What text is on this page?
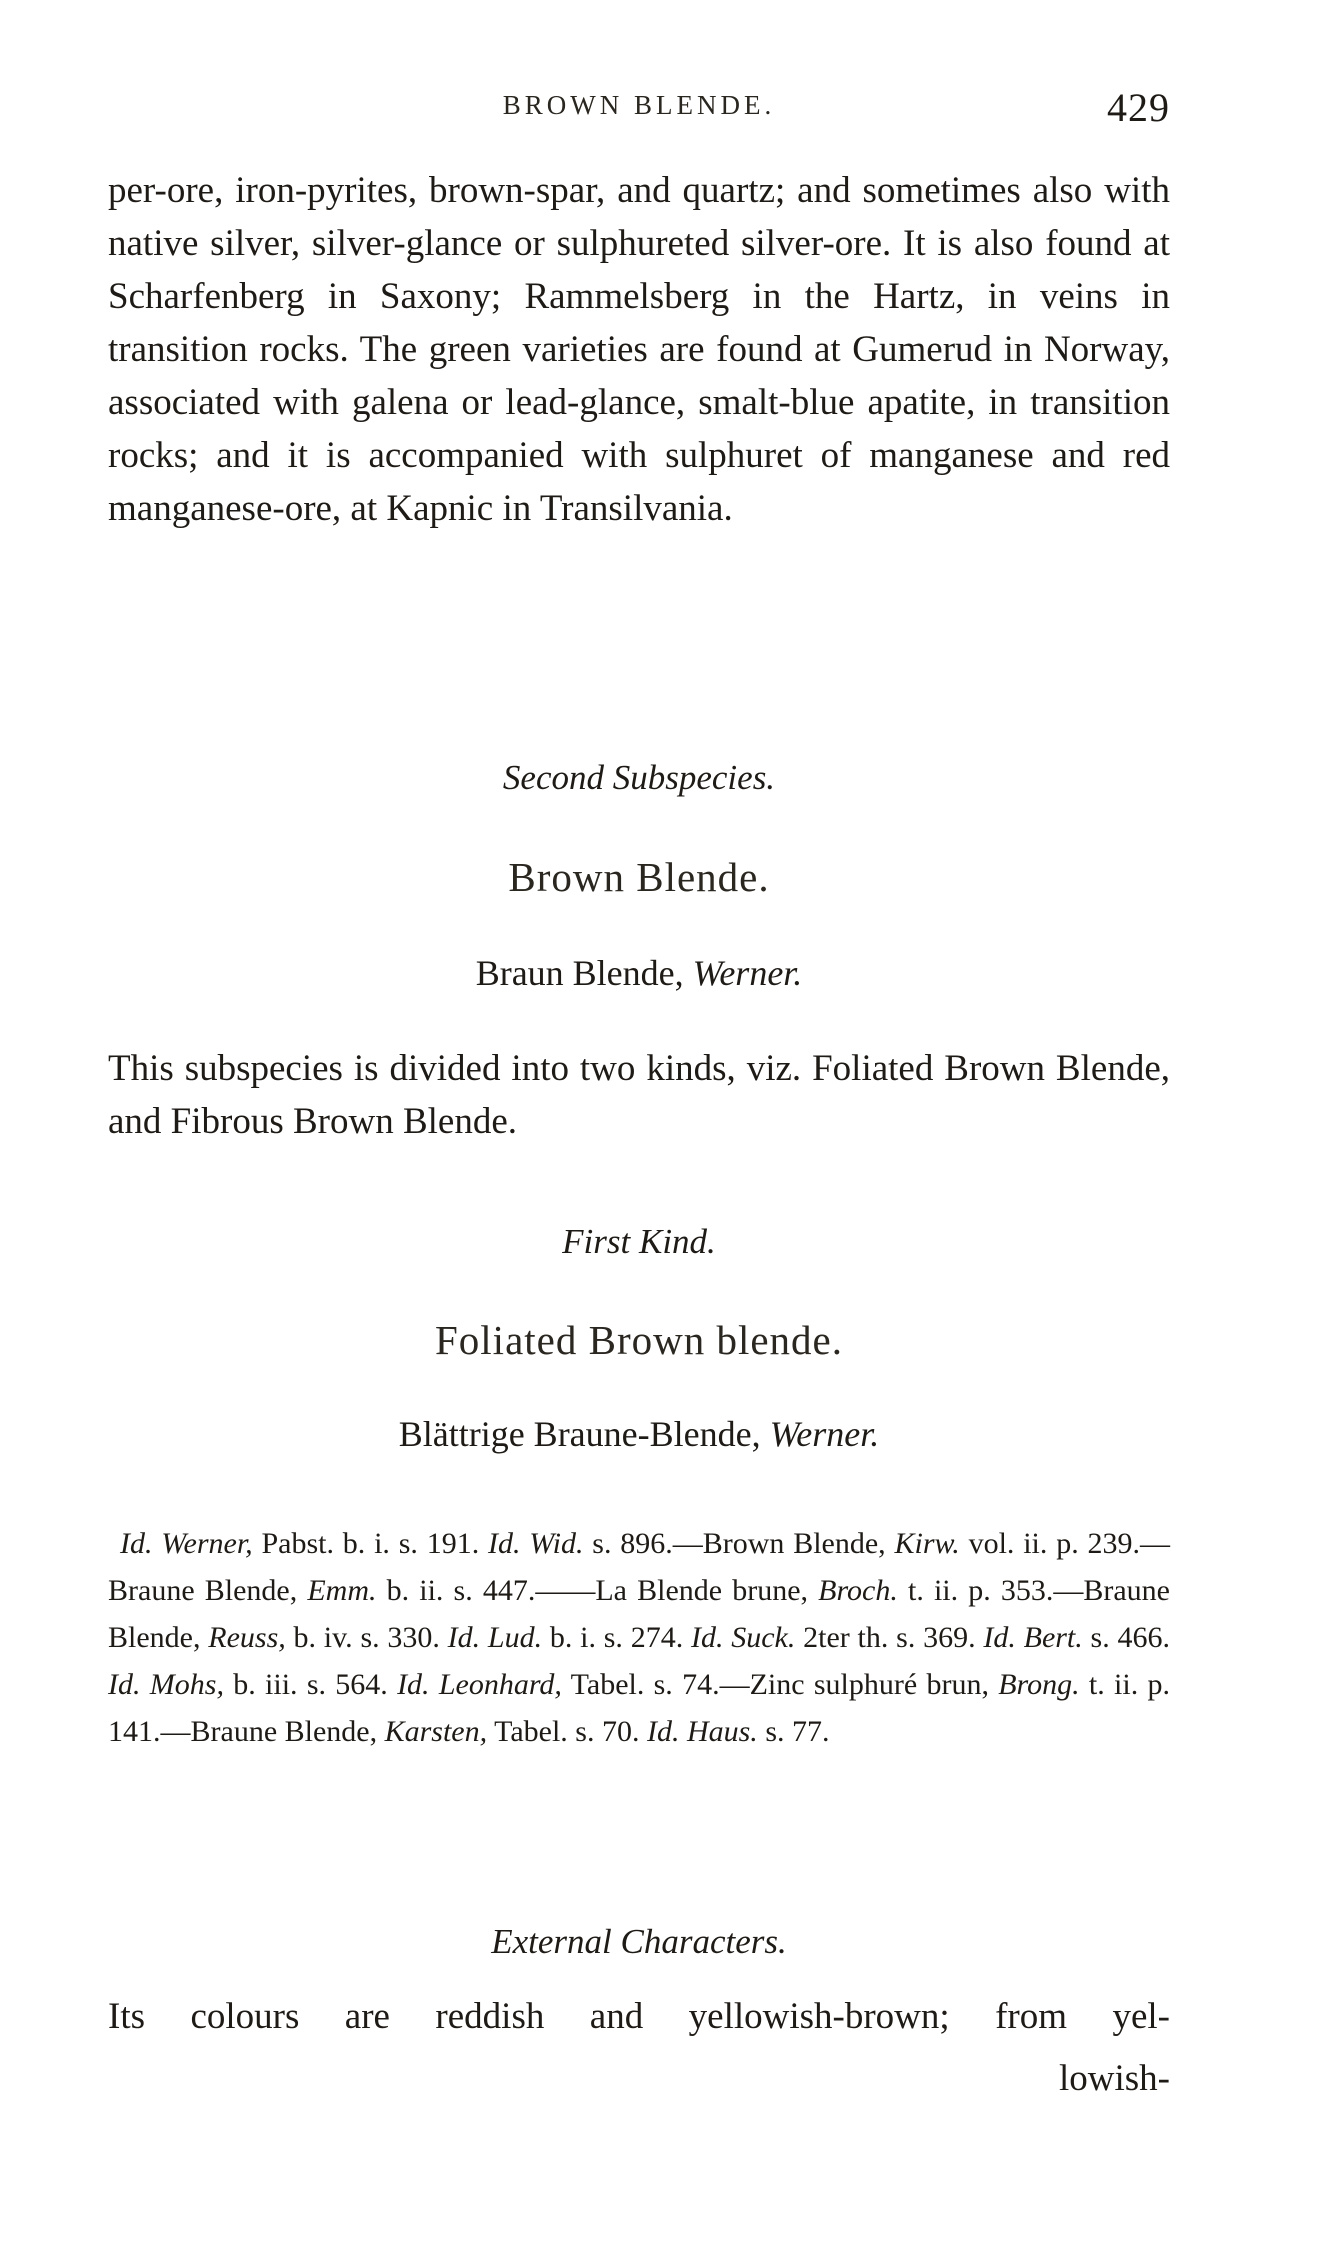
BROWN BLENDE.	429

per-ore, iron-pyrites, brown-spar, and quartz; and sometimes also with native silver, silver-glance or sulphureted silver-ore. It is also found at Scharfenberg in Saxony; Rammelsberg in the Hartz, in veins in transition rocks. The green varieties are found at Gumerud in Norway, associated with galena or lead-glance, smalt-blue apatite, in transition rocks; and it is accompanied with sulphuret of manganese and red manganese-ore, at Kapnic in Transilvania.

Second Subspecies.

Brown Blende.

Braun Blende, Werner.

This subspecies is divided into two kinds, viz. Foliated Brown Blende, and Fibrous Brown Blende.

First Kind.

Foliated Brown blende.

Blättrige Braune-Blende, Werner.

Id. Werner, Pabst. b. i. s. 191. Id. Wid. s. 896.—Brown Blende, Kirw. vol. ii. p. 239.—Braune Blende, Emm. b. ii. s. 447.——La Blende brune, Broch. t. ii. p. 353.—Braune Blende, Reuss, b. iv. s. 330. Id. Lud. b. i. s. 274. Id. Suck. 2ter th. s. 369. Id. Bert. s. 466. Id. Mohs, b. iii. s. 564. Id. Leonhard, Tabel. s. 74.—Zinc sulphuré brun, Brong. t. ii. p. 141.—Braune Blende, Karsten, Tabel. s. 70. Id. Haus. s. 77.

External Characters.

Its colours are reddish and yellowish-brown; from yel-

lowish-
